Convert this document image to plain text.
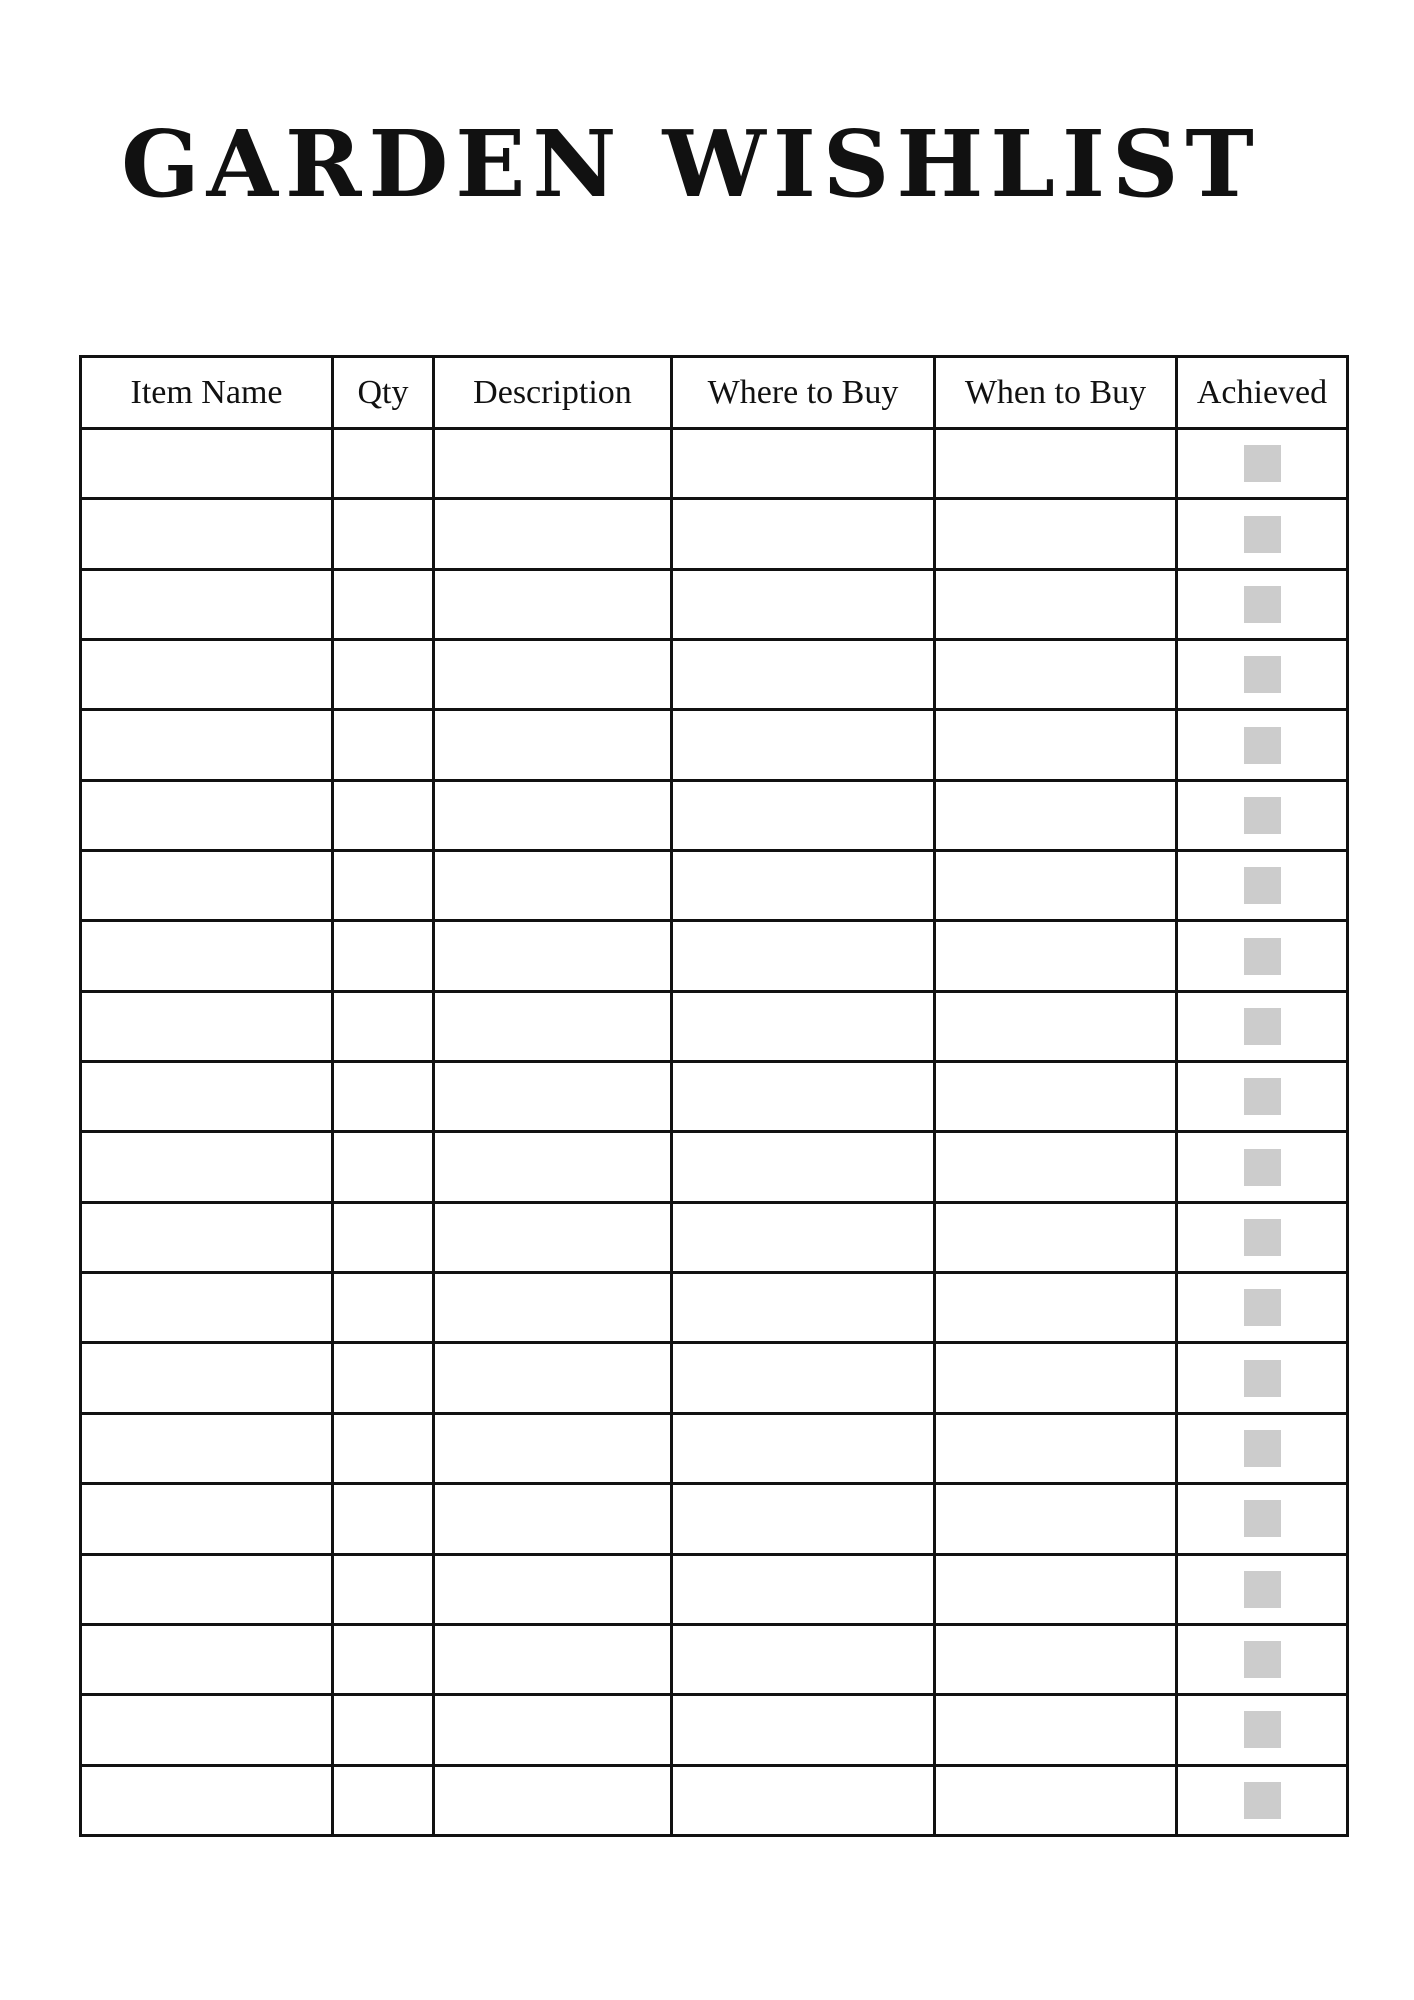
GARDEN WISHLIST
Item Name	Qty	Description	Where to Buy	When to Buy	Achieved
